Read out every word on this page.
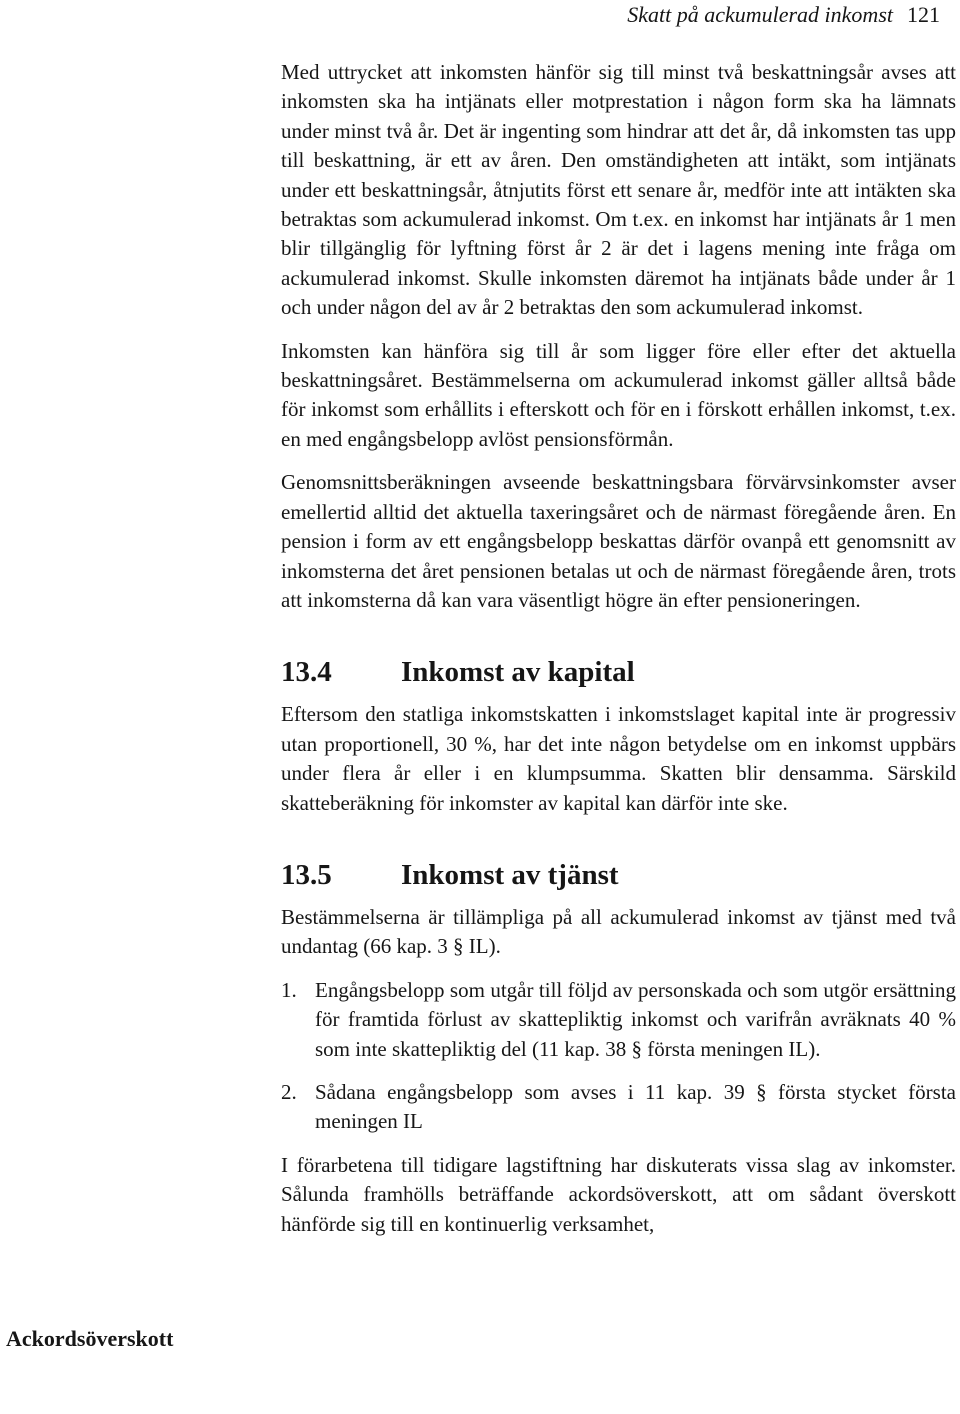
Skatt på ackumulerad inkomst 121

Med uttrycket att inkomsten hänför sig till minst två beskattningsår avses att inkomsten ska ha intjänats eller motprestation i någon form ska ha lämnats under minst två år. Det är ingenting som hindrar att det år, då inkomsten tas upp till beskattning, är ett av åren. Den omständigheten att intäkt, som intjänats under ett beskattningsår, åtnjutits först ett senare år, medför inte att intäkten ska betraktas som ackumulerad inkomst. Om t.ex. en inkomst har intjänats år 1 men blir tillgänglig för lyftning först år 2 är det i lagens mening inte fråga om ackumulerad inkomst. Skulle inkomsten däremot ha intjänats både under år 1 och under någon del av år 2 betraktas den som ackumulerad inkomst.

Inkomsten kan hänföra sig till år som ligger före eller efter det aktuella beskattningsåret. Bestämmelserna om ackumulerad inkomst gäller alltså både för inkomst som erhållits i efterskott och för en i förskott erhållen inkomst, t.ex. en med engångsbelopp avlöst pensionsförmån.

Genomsnittsberäkningen avseende beskattningsbara förvärvsinkomster avser emellertid alltid det aktuella taxeringsåret och de närmast föregående åren. En pension i form av ett engångsbelopp beskattas därför ovanpå ett genomsnitt av inkomsterna det året pensionen betalas ut och de närmast föregående åren, trots att inkomsterna då kan vara väsentligt högre än efter pensioneringen.

13.4 Inkomst av kapital

Eftersom den statliga inkomstskatten i inkomstslaget kapital inte är progressiv utan proportionell, 30 %, har det inte någon betydelse om en inkomst uppbärs under flera år eller i en klumpsumma. Skatten blir densamma. Särskild skatteberäkning för inkomster av kapital kan därför inte ske.

13.5 Inkomst av tjänst

Bestämmelserna är tillämpliga på all ackumulerad inkomst av tjänst med två undantag (66 kap. 3 § IL).

1. Engångsbelopp som utgår till följd av personskada och som utgör ersättning för framtida förlust av skattepliktig inkomst och varifrån avräknats 40 % som inte skattepliktig del (11 kap. 38 § första meningen IL).
2. Sådana engångsbelopp som avses i 11 kap. 39 § första stycket första meningen IL

I förarbetena till tidigare lagstiftning har diskuterats vissa slag av inkomster. Sålunda framhölls beträffande ackordsöverskott, att om sådant överskott hänförde sig till en kontinuerlig verksamhet,

Ackordsöverskott
